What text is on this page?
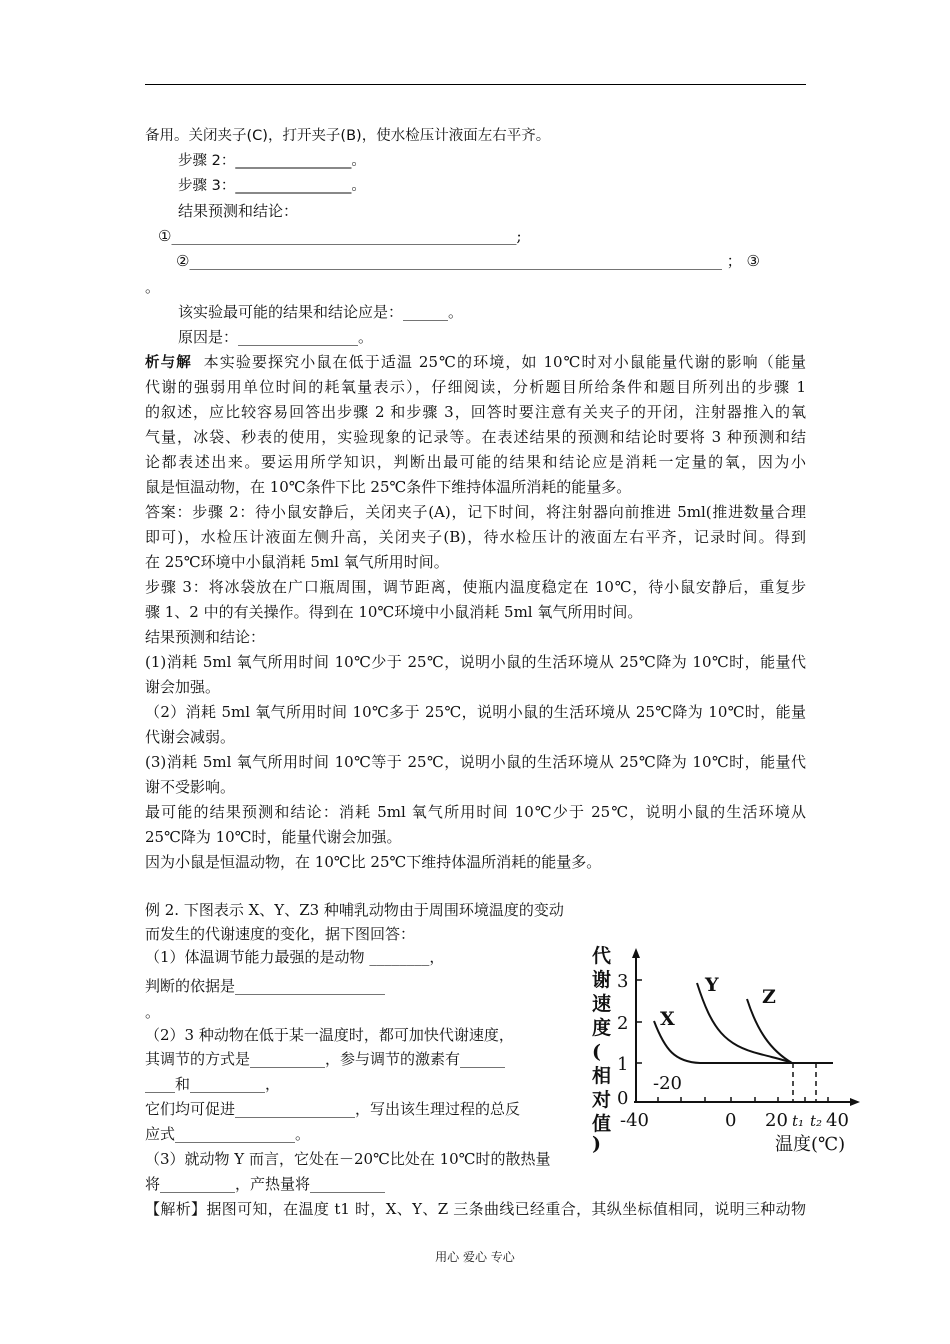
备用。关闭夹子(C)，打开夹子(B)，使水检压计液面左右平齐。
步骤 2：________________。
步骤 3：________________。
结果预测和结论：
①______________________________________________;
②_______________________________________________________________________ ； ③
。
该实验最可能的结果和结论应是：______。
原因是：________________。
析与解 本实验要探究小鼠在低于适温 25℃的环境，如 10℃时对小鼠能量代谢的影响（能量
代谢的强弱用单位时间的耗氧量表示），仔细阅读，分析题目所给条件和题目所列出的步骤 1
的叙述，应比较容易回答出步骤 2 和步骤 3，回答时要注意有关夹子的开闭，注射器推入的氧
气量，冰袋、秒表的使用，实验现象的记录等。在表述结果的预测和结论时要将 3 种预测和结
论都表述出来。要运用所学知识，判断出最可能的结果和结论应是消耗一定量的氧，因为小
鼠是恒温动物，在 10℃条件下比 25℃条件下维持体温所消耗的能量多。
答案：步骤 2：待小鼠安静后，关闭夹子(A)，记下时间，将注射器向前推进 5ml(推进数量合理
即可)，水检压计液面左侧升高，关闭夹子(B)，待水检压计的液面左右平齐，记录时间。得到
在 25℃环境中小鼠消耗 5ml 氧气所用时间。
步骤 3：将冰袋放在广口瓶周围，调节距离，使瓶内温度稳定在 10℃，待小鼠安静后，重复步
骤 1、2 中的有关操作。得到在 10℃环境中小鼠消耗 5ml 氧气所用时间。
结果预测和结论：
(1)消耗 5ml 氧气所用时间 10℃少于 25℃，说明小鼠的生活环境从 25℃降为 10℃时，能量代
谢会加强。
（2）消耗 5ml 氧气所用时间 10℃多于 25℃，说明小鼠的生活环境从 25℃降为 10℃时，能量
代谢会减弱。
(3)消耗 5ml 氧气所用时间 10℃等于 25℃，说明小鼠的生活环境从 25℃降为 10℃时，能量代
谢不受影响。
最可能的结果预测和结论：消耗 5ml 氧气所用时间 10℃少于 25℃，说明小鼠的生活环境从
25℃降为 10℃时，能量代谢会加强。
因为小鼠是恒温动物，在 10℃比 25℃下维持体温所消耗的能量多。
例 2. 下图表示 X、Y、Z3 种哺乳动物由于周围环境温度的变动
而发生的代谢速度的变化，据下图回答：
（1）体温调节能力最强的是动物 ________，
判断的依据是____________________
。
（2）3 种动物在低于某一温度时，都可加快代谢速度，
其调节的方式是__________，参与调节的激素有______
____和__________，
它们均可促进________________，写出该生理过程的总反
应式________________。
（3）就动物 Y 而言，它处在－20℃比处在 10℃时的散热量
将__________，产热量将__________
【解析】据图可知，在温度 t1 时，X、Y、Z 三条曲线已经重合，其纵坐标值相同，说明三种动物
代
谢
速
度
(
相
对
值
)
3
2
1
0
-40	0 20 t₁ t₂ 40
-20
温度(℃)
X
Y
Z
用心 爱心 专心
